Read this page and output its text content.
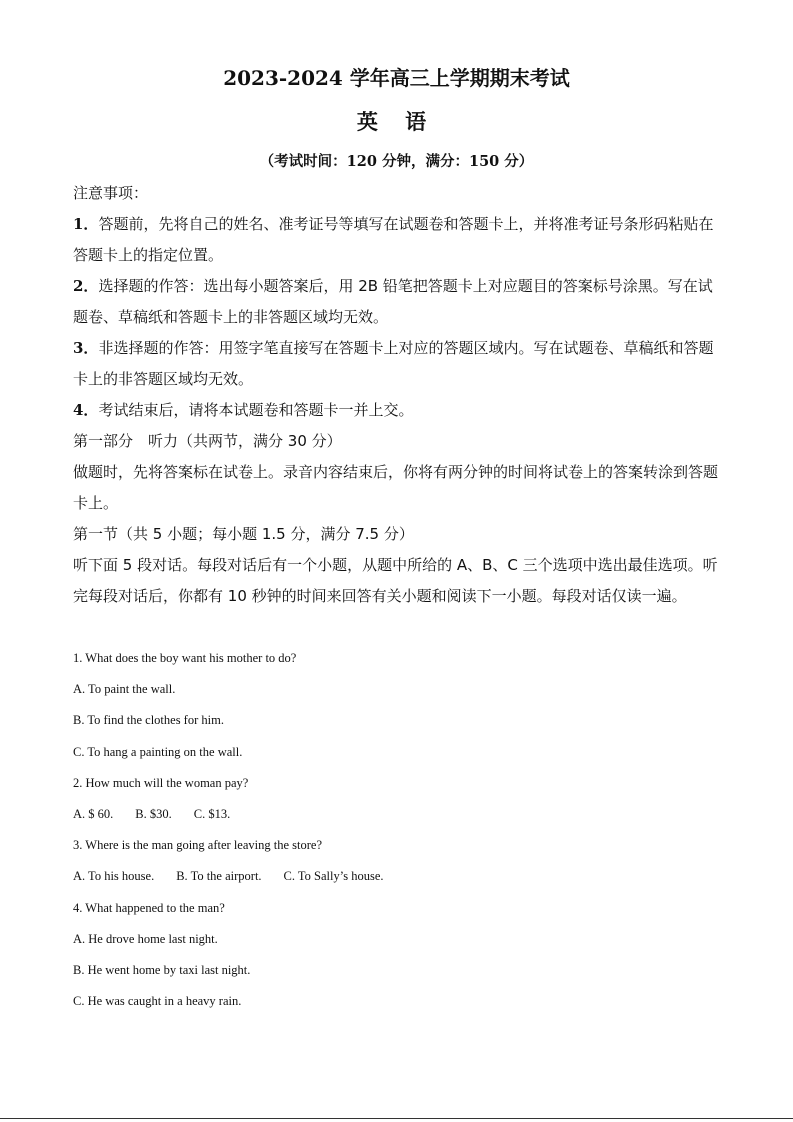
2023-2024 学年高三上学期期末考试
英 语
（考试时间：120 分钟，满分：150 分）
注意事项：
1．答题前，先将自己的姓名、准考证号等填写在试题卷和答题卡上，并将准考证号条形码粘贴在答题卡上的指定位置。
2．选择题的作答：选出每小题答案后，用 2B 铅笔把答题卡上对应题目的答案标号涂黑。写在试题卷、草稿纸和答题卡上的非答题区域均无效。
3．非选择题的作答：用签字笔直接写在答题卡上对应的答题区域内。写在试题卷、草稿纸和答题卡上的非答题区域均无效。
4．考试结束后，请将本试题卷和答题卡一并上交。
第一部分　听力（共两节，满分 30 分）
做题时，先将答案标在试卷上。录音内容结束后，你将有两分钟的时间将试卷上的答案转涂到答题卡上。
第一节（共 5 小题；每小题 1.5 分，满分 7.5 分）
听下面 5 段对话。每段对话后有一个小题，从题中所给的 A、B、C 三个选项中选出最佳选项。听完每段对话后，你都有 10 秒钟的时间来回答有关小题和阅读下一小题。每段对话仅读一遍。
1. What does the boy want his mother to do?
A. To paint the wall.
B. To find the clothes for him.
C. To hang a painting on the wall.
2. How much will the woman pay?
A. $ 60. B. $30. C. $13.
3. Where is the man going after leaving the store?
A. To his house. B. To the airport. C. To Sally’s house.
4. What happened to the man?
A. He drove home last night.
B. He went home by taxi last night.
C. He was caught in a heavy rain.
